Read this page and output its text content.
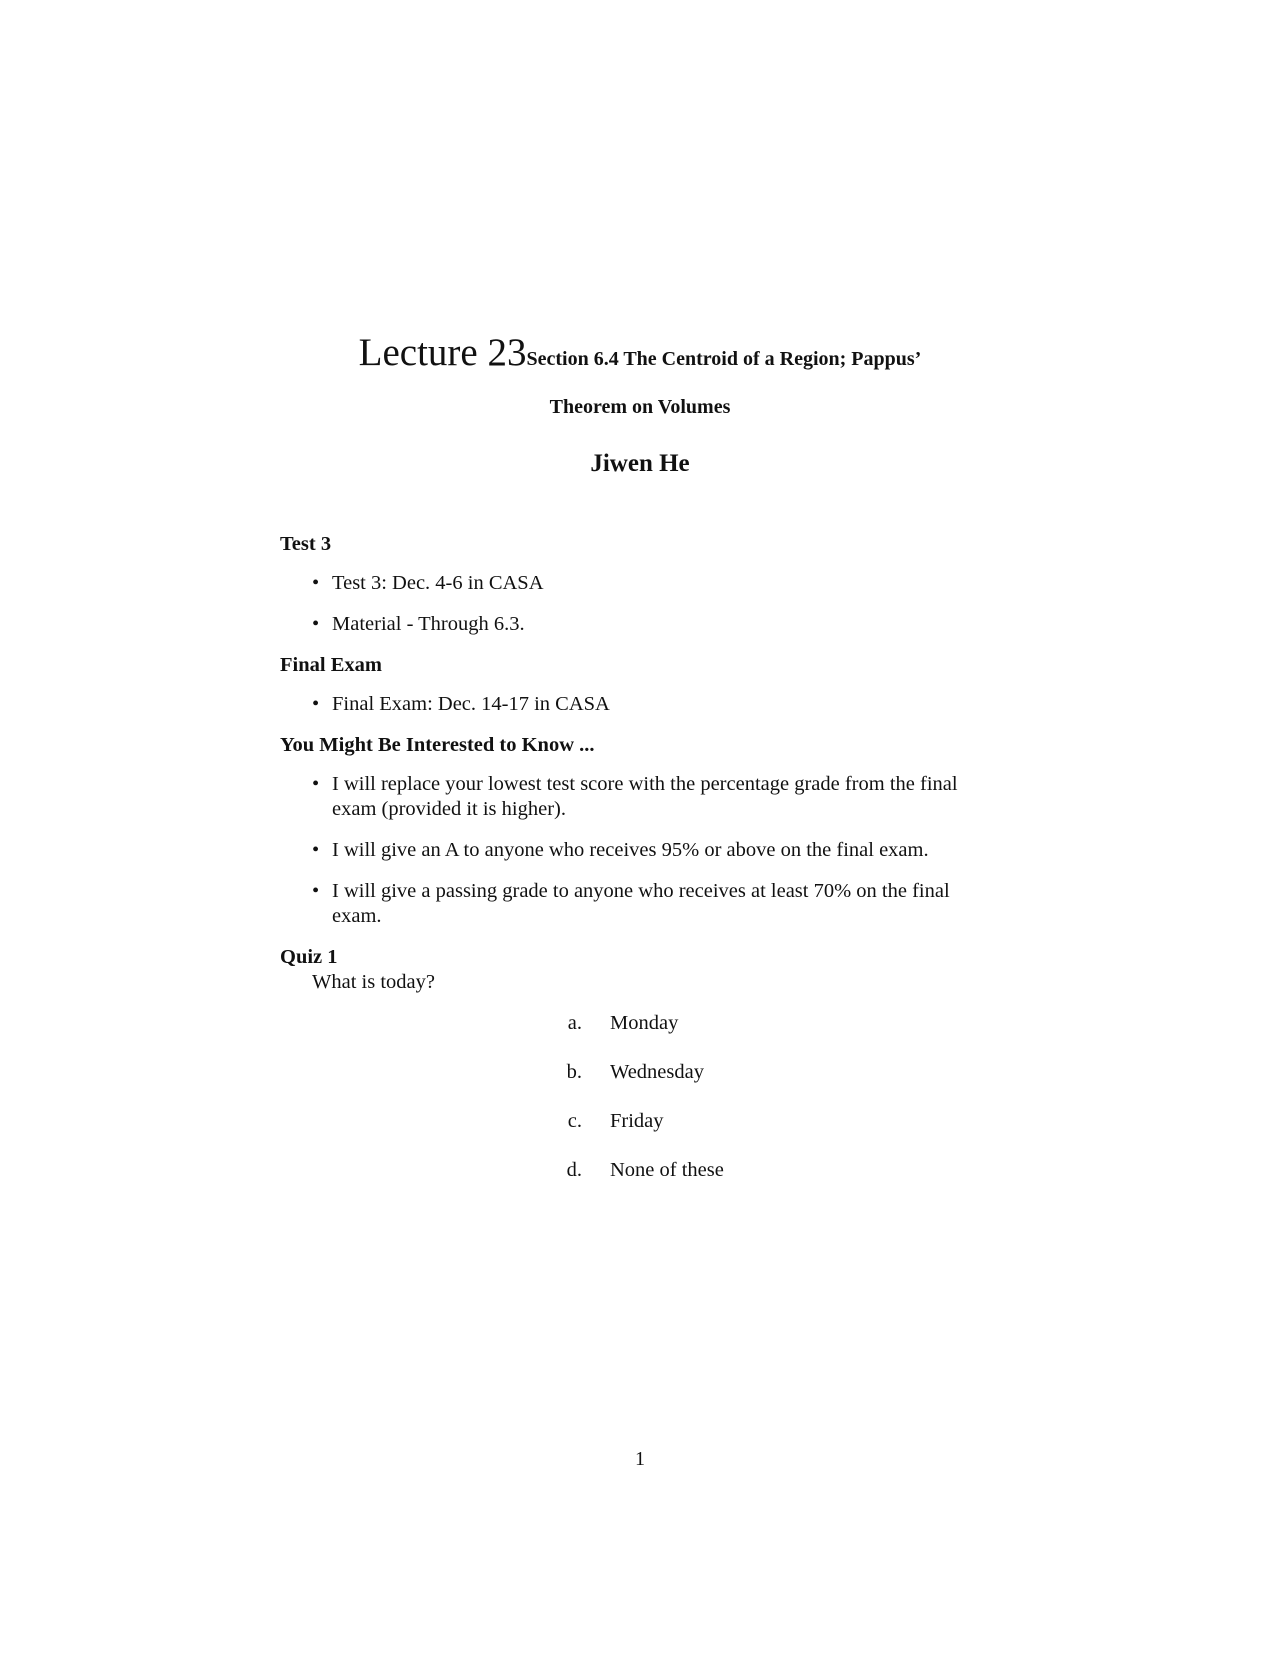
Lecture 23Section 6.4 The Centroid of a Region; Pappus’
Theorem on Volumes
Jiwen He

Test 3

• Test 3: Dec. 4-6 in CASA
• Material - Through 6.3.

Final Exam

• Final Exam: Dec. 14-17 in CASA

You Might Be Interested to Know ...

• I will replace your lowest test score with the percentage grade from the final exam (provided it is higher).
• I will give an A to anyone who receives 95% or above on the final exam.
• I will give a passing grade to anyone who receives at least 70% on the final exam.

Quiz 1

What is today?
a. Monday
b. Wednesday
c. Friday
d. None of these
1
